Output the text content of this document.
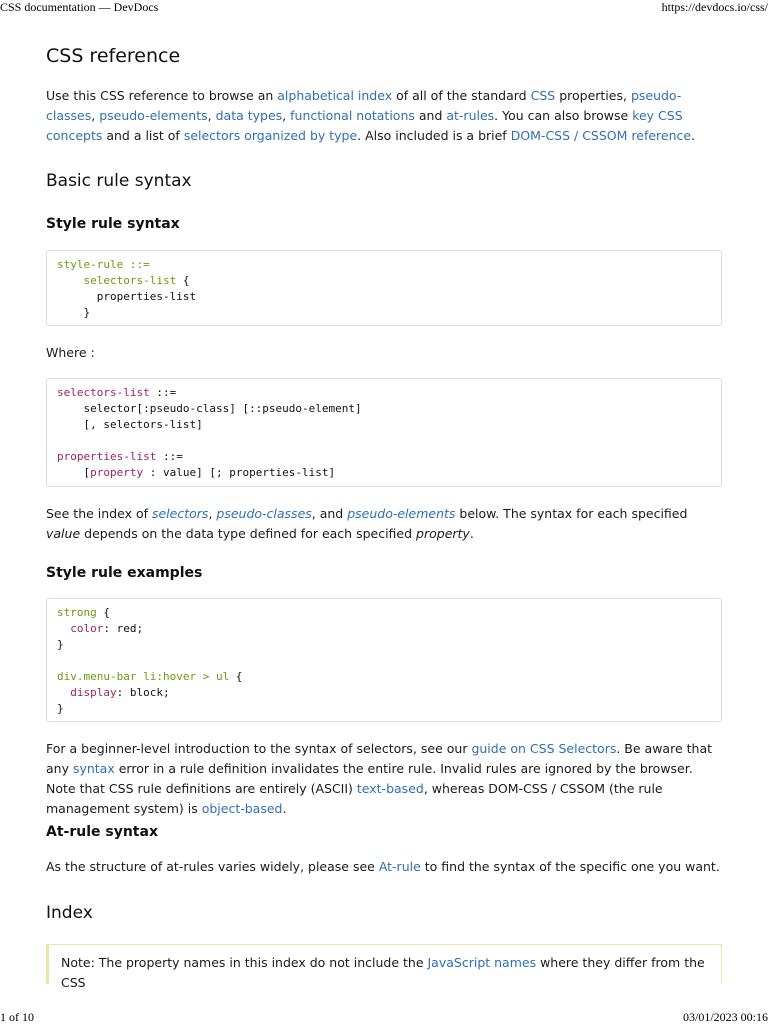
CSS documentation — DevDocs	https://devdocs.io/css/
CSS reference

Use this CSS reference to browse an alphabetical index of all of the standard CSS properties, pseudo-classes, pseudo-elements, data types, functional notations and at-rules. You can also browse key CSS concepts and a list of selectors organized by type. Also included is a brief DOM-CSS / CSSOM reference.

Basic rule syntax
Style rule syntax
style-rule ::=
selectors-list {
properties-list
}

Where :

selectors-list ::=
selector[:pseudo-class] [::pseudo-element]
[, selectors-list]

properties-list ::=
[property : value] [; properties-list]

See the index of selectors, pseudo-classes, and pseudo-elements below. The syntax for each specified value depends on the data type defined for each specified property.

Style rule examples
strong {
color: red;
}

div.menu-bar li:hover > ul {
display: block;
}

For a beginner-level introduction to the syntax of selectors, see our guide on CSS Selectors. Be aware that any syntax error in a rule definition invalidates the entire rule. Invalid rules are ignored by the browser. Note that CSS rule definitions are entirely (ASCII) text-based, whereas DOM-CSS / CSSOM (the rule management system) is object-based.

At-rule syntax

As the structure of at-rules varies widely, please see At-rule to find the syntax of the specific one you want.

Index
Note: The property names in this index do not include the JavaScript names where they differ from the CSS
1 of 10	03/01/2023 00:16
